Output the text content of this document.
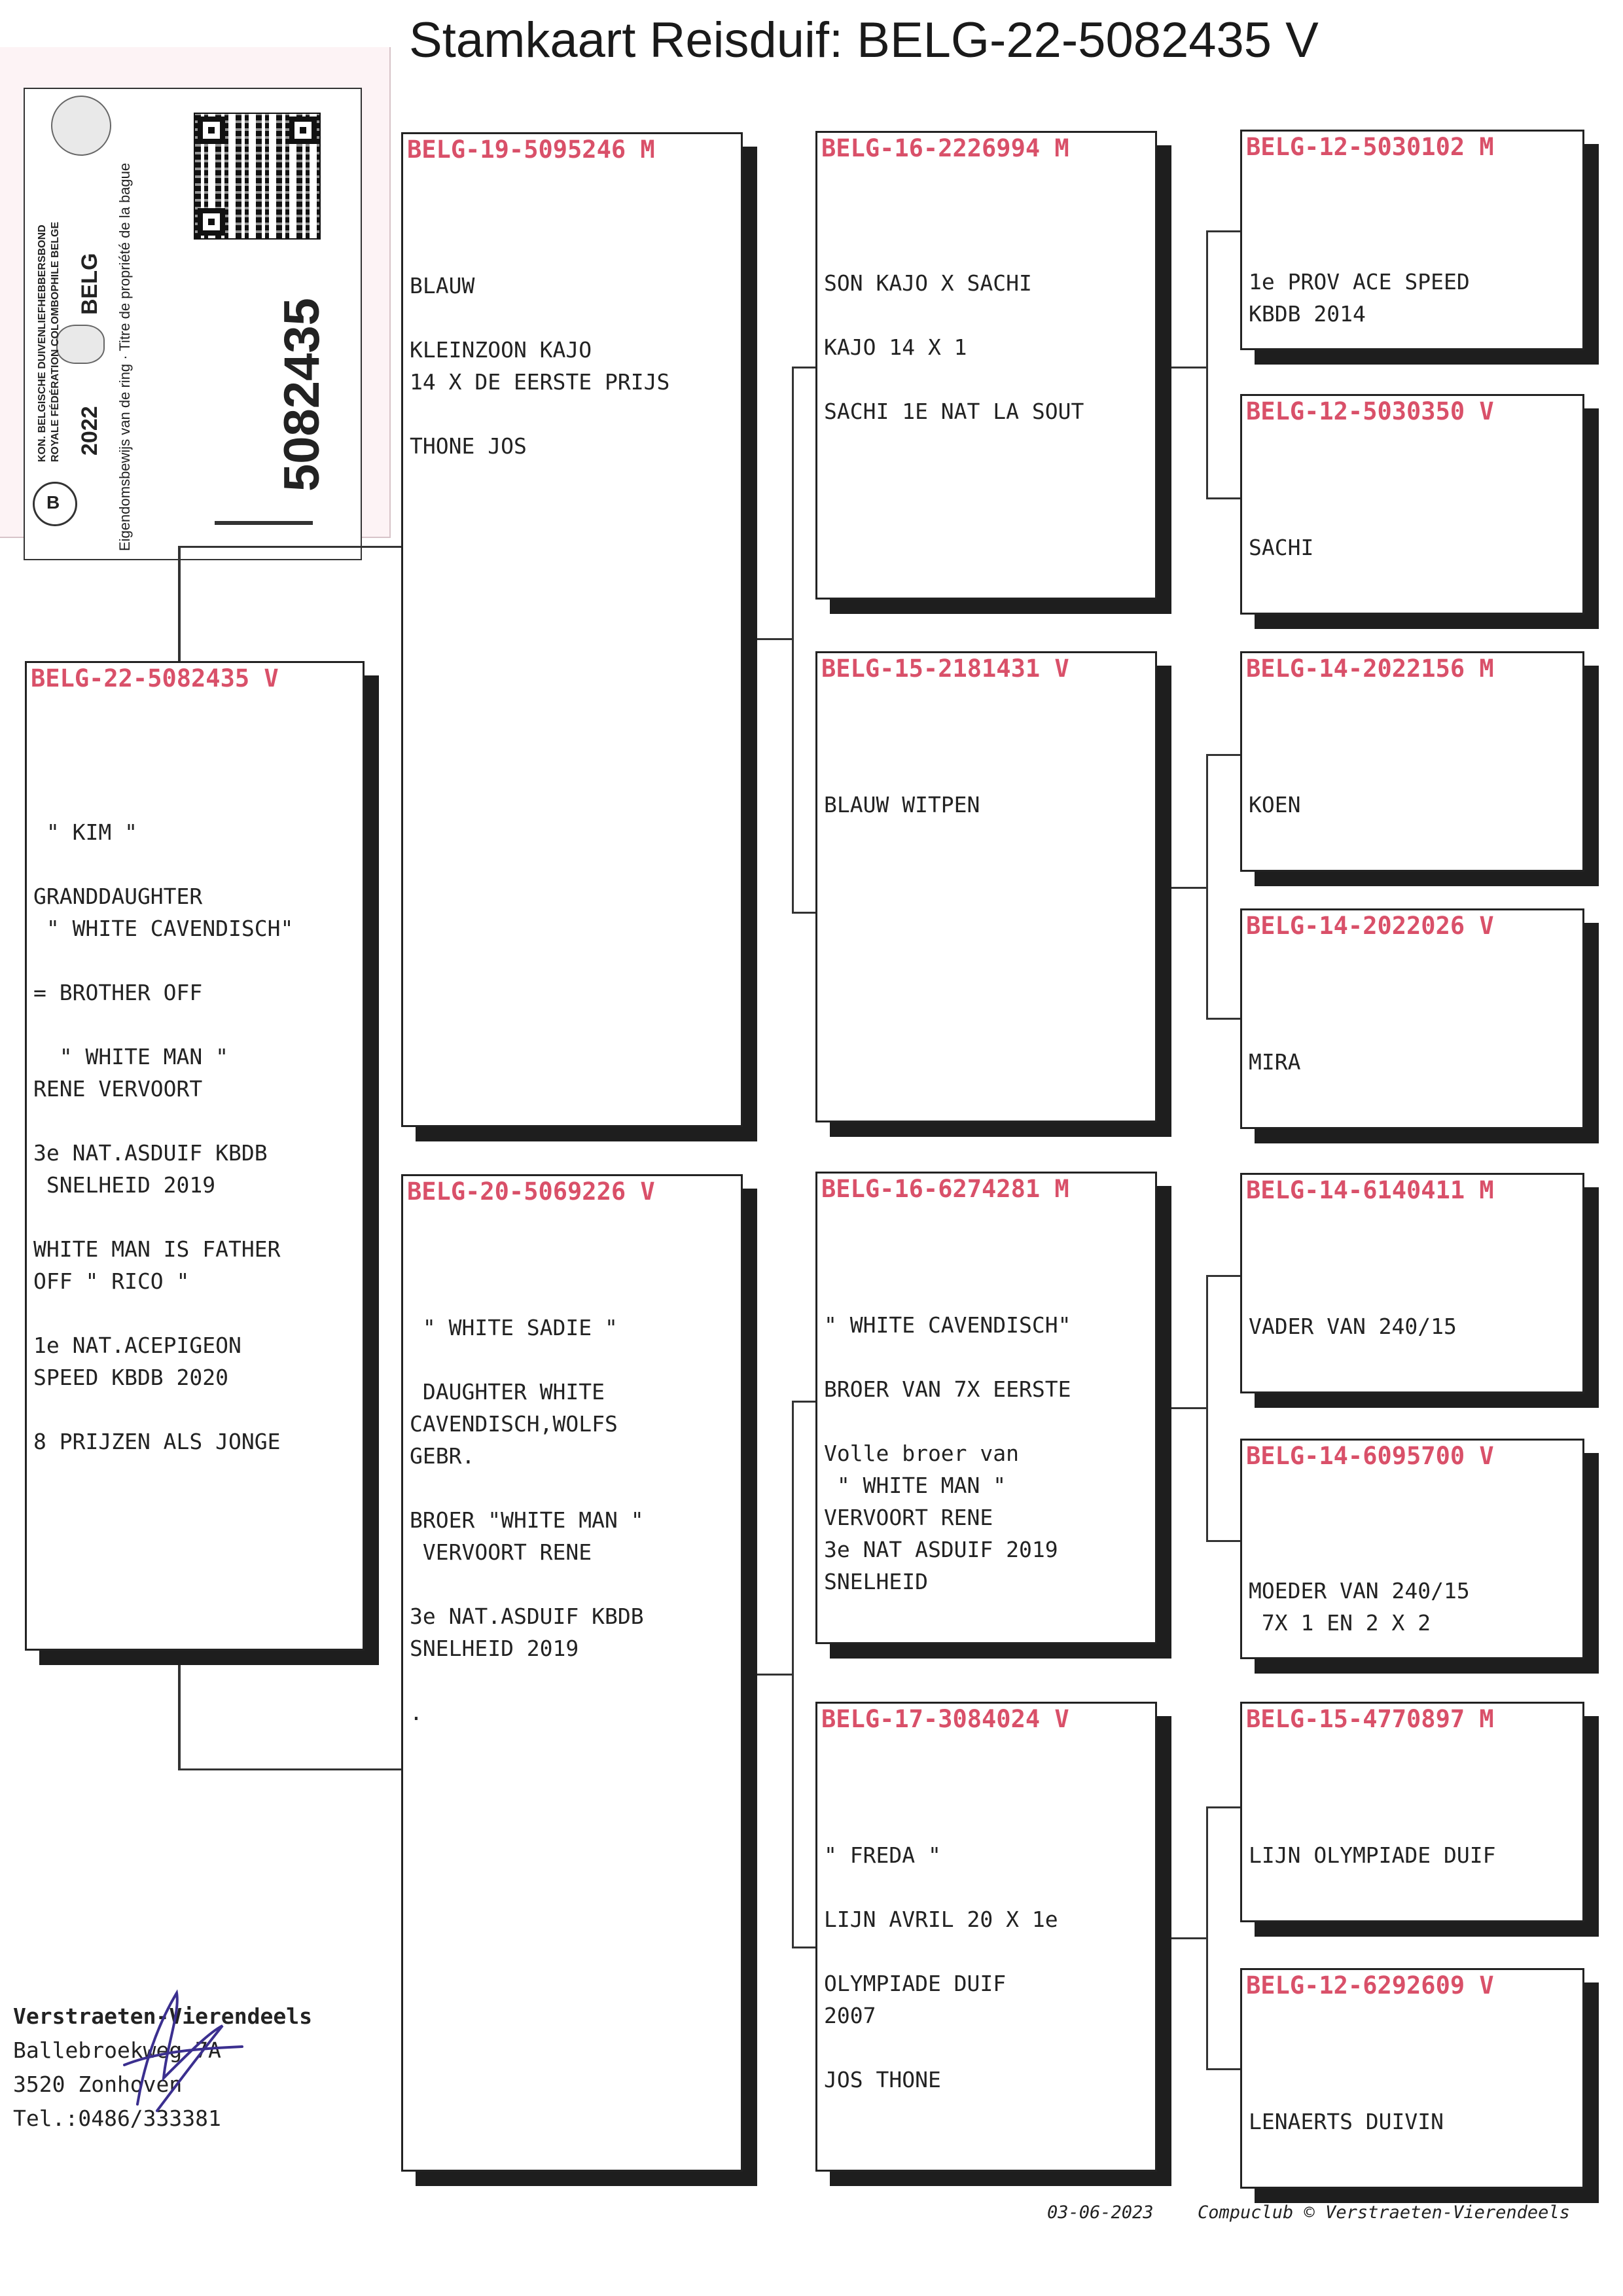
Stamkaart Reisduif: BELG-22-5082435 V
B
KON. BELGISCHE DUIVENLIEFHEBBERSBOND ROYALE FÉDÉRATION COLOMBOPHILE BELGE 2022
BELG Eigendomsbewijs van de ring · Titre de propriété de la bague	5082435
BELG-22-5082435 V

" KIM "

GRANDDAUGHTER
" WHITE CAVENDISCH"

= BROTHER OFF

" WHITE MAN "
RENE VERVOORT

3e NAT.ASDUIF KBDB
SNELHEID 2019

WHITE MAN IS FATHER
OFF " RICO "

1e NAT.ACEPIGEON
SPEED KBDB 2020

8 PRIJZEN ALS JONGE
BELG-19-5095246 M
BLAUW

KLEINZOON KAJO
14 X DE EERSTE PRIJS

THONE JOS
BELG-20-5069226 V
" WHITE SADIE "

DAUGHTER WHITE
CAVENDISCH,WOLFS
GEBR.

BROER "WHITE MAN "
VERVOORT RENE

3e NAT.ASDUIF KBDB
SNELHEID 2019

.
BELG-16-2226994 M
SON KAJO X SACHI

KAJO 14 X 1

SACHI 1E NAT LA SOUT
BELG-15-2181431 V
BLAUW WITPEN
BELG-16-6274281 M
" WHITE CAVENDISCH"

BROER VAN 7X EERSTE

Volle broer van
" WHITE MAN "
VERVOORT RENE
3e NAT ASDUIF 2019
SNELHEID
BELG-17-3084024 V
" FREDA "

LIJN AVRIL 20 X 1e

OLYMPIADE DUIF
2007

JOS THONE
BELG-12-5030102 M
1e PROV ACE SPEED
KBDB 2014
BELG-12-5030350 V
SACHI
BELG-14-2022156 M
KOEN
BELG-14-2022026 V
MIRA
BELG-14-6140411 M
VADER VAN 240/15
BELG-14-6095700 V
MOEDER VAN 240/15
7X 1 EN 2 X 2
BELG-15-4770897 M
LIJN OLYMPIADE DUIF
BELG-12-6292609 V
LENAERTS DUIVIN
Verstraeten-Vierendeels
Ballebroekweg 7A
3520 Zonhoven
Tel.:0486/333381
03-06-2023 Compuclub © Verstraeten-Vierendeels
